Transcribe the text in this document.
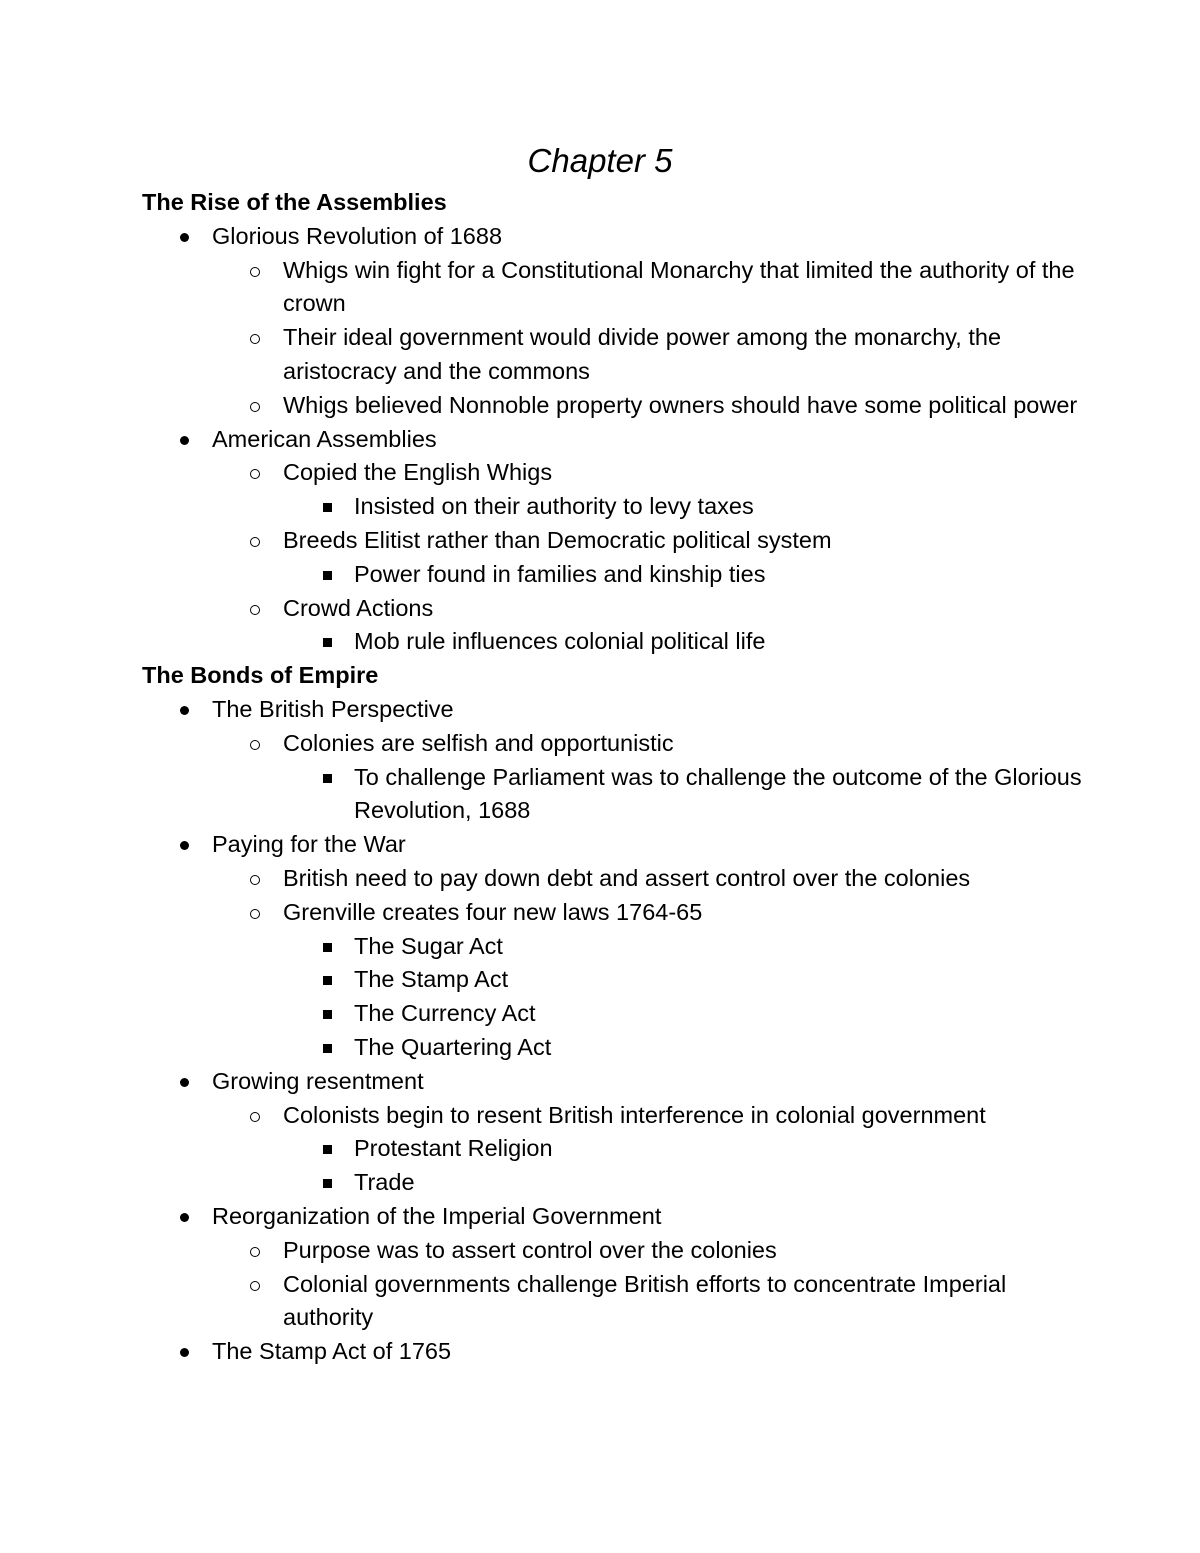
Chapter 5
The Rise of the Assemblies
Glorious Revolution of 1688
Whigs win fight for a Constitutional Monarchy that limited the authority of the crown
Their ideal government would divide power among the monarchy, the aristocracy and the commons
Whigs believed Nonnoble property owners should have some political power
American Assemblies
Copied the English Whigs
Insisted on their authority to levy taxes
Breeds Elitist rather than Democratic political system
Power found in families and kinship ties
Crowd Actions
Mob rule influences colonial political life
The Bonds of Empire
The British Perspective
Colonies are selfish and opportunistic
To challenge Parliament was to challenge the outcome of the Glorious Revolution, 1688
Paying for the War
British need to pay down debt and assert control over the colonies
Grenville creates four new laws 1764-65
The Sugar Act
The Stamp Act
The Currency Act
The Quartering Act
Growing resentment
Colonists begin to resent British interference in colonial government
Protestant Religion
Trade
Reorganization of the Imperial Government
Purpose was to assert control over the colonies
Colonial governments challenge British efforts to concentrate Imperial authority
The Stamp Act of 1765
